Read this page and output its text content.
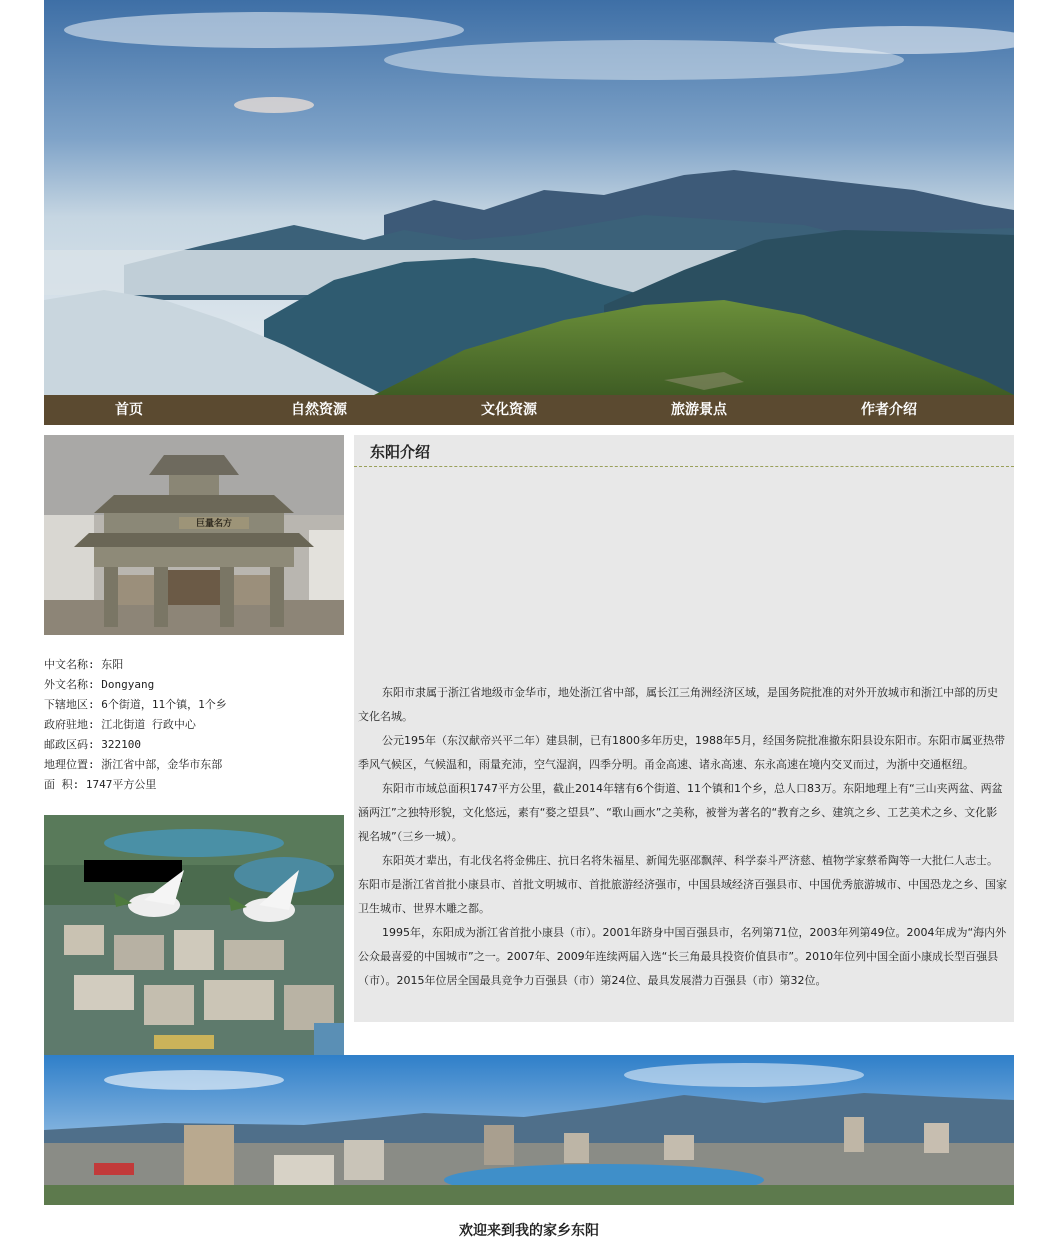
首页	自然资源	文化资源	旅游景点	作者介绍
巨量名方
中文名称: 东阳
外文名称: Dongyang
下辖地区: 6个街道，11个镇，1个乡
政府驻地: 江北街道 行政中心
邮政区码: 322100
地理位置: 浙江省中部，金华市东部
面 积: 1747平方公里
东阳介绍

东阳市隶属于浙江省地级市金华市，地处浙江省中部，属长江三角洲经济区域，是国务院批准的对外开放城市和浙江中部的历史文化名城。

公元195年（东汉献帝兴平二年）建县制，已有1800多年历史，1988年5月，经国务院批准撤东阳县设东阳市。东阳市属亚热带季风气候区，气候温和，雨量充沛，空气湿润，四季分明。甬金高速、诸永高速、东永高速在境内交叉而过，为浙中交通枢纽。

东阳市市域总面积1747平方公里，截止2014年辖有6个街道、11个镇和1个乡，总人口83万。东阳地理上有“三山夹两盆、两盆涵两江”之独特形貌，文化悠远，素有“婺之望县”、“歌山画水”之美称，被誉为著名的“教育之乡、建筑之乡、工艺美术之乡、文化影视名城”（三乡一城）。

东阳英才辈出，有北伐名将金佛庄、抗日名将朱福星、新闻先驱邵飘萍、科学泰斗严济慈、植物学家蔡希陶等一大批仁人志士。东阳市是浙江省首批小康县市、首批文明城市、首批旅游经济强市，中国县域经济百强县市、中国优秀旅游城市、中国恐龙之乡、国家卫生城市、世界木雕之都。

1995年，东阳成为浙江省首批小康县（市）。2001年跻身中国百强县市，名列第71位，2003年列第49位。2004年成为“海内外公众最喜爱的中国城市”之一。2007年、2009年连续两届入选“长三角最具投资价值县市”。2010年位列中国全面小康成长型百强县（市）。2015年位居全国最具竞争力百强县（市）第24位、最具发展潜力百强县（市）第32位。

欢迎来到我的家乡东阳
